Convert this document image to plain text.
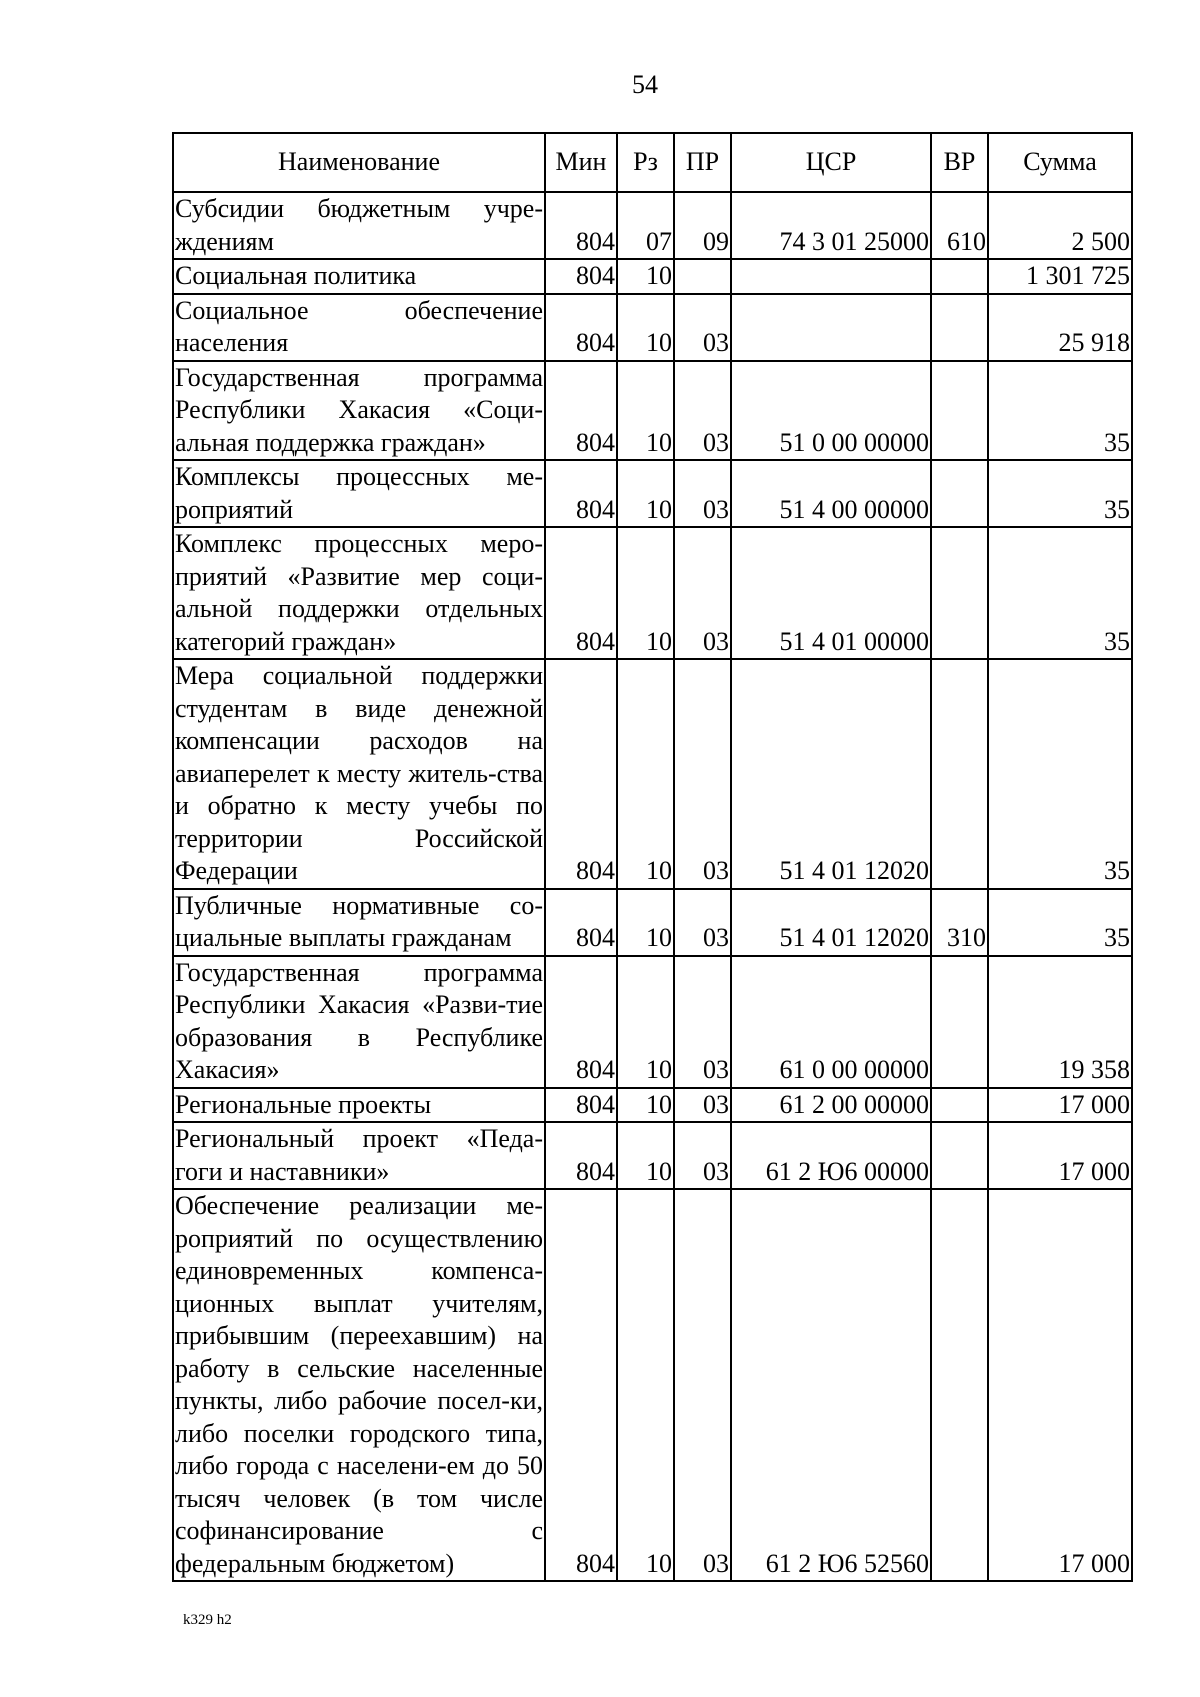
54
Наименование	Мин	Рз	ПР	ЦСР	ВР	Сумма
Субсидии бюджетным учре-ждениям	804	07	09	74 3 01 25000	610	2 500
Социальная политика	804	10				1 301 725
Социальное обеспечение населения	804	10	03			25 918
Государственная программа Республики Хакасия «Соци-альная поддержка граждан»	804	10	03	51 0 00 00000		35
Комплексы процессных ме-роприятий	804	10	03	51 4 00 00000		35
Комплекс процессных меро-приятий «Развитие мер соци-альной поддержки отдельных категорий граждан»	804	10	03	51 4 01 00000		35
Мера социальной поддержки студентам в виде денежной компенсации расходов на авиаперелет к месту житель-ства и обратно к месту учебы по территории Российской Федерации	804	10	03	51 4 01 12020		35
Публичные нормативные со-циальные выплаты гражданам	804	10	03	51 4 01 12020	310	35
Государственная программа Республики Хакасия «Разви-тие образования в Республике Хакасия»	804	10	03	61 0 00 00000		19 358
Региональные проекты	804	10	03	61 2 00 00000		17 000
Региональный проект «Педа-гоги и наставники»	804	10	03	61 2 Ю6 00000		17 000
Обеспечение реализации ме-роприятий по осуществлению единовременных компенса-ционных выплат учителям, прибывшим (переехавшим) на работу в сельские населенные пункты, либо рабочие посел-ки, либо поселки городского типа, либо города с населени-ем до 50 тысяч человек (в том числе софинансирование с федеральным бюджетом)	804	10	03	61 2 Ю6 52560		17 000
k329 h2
